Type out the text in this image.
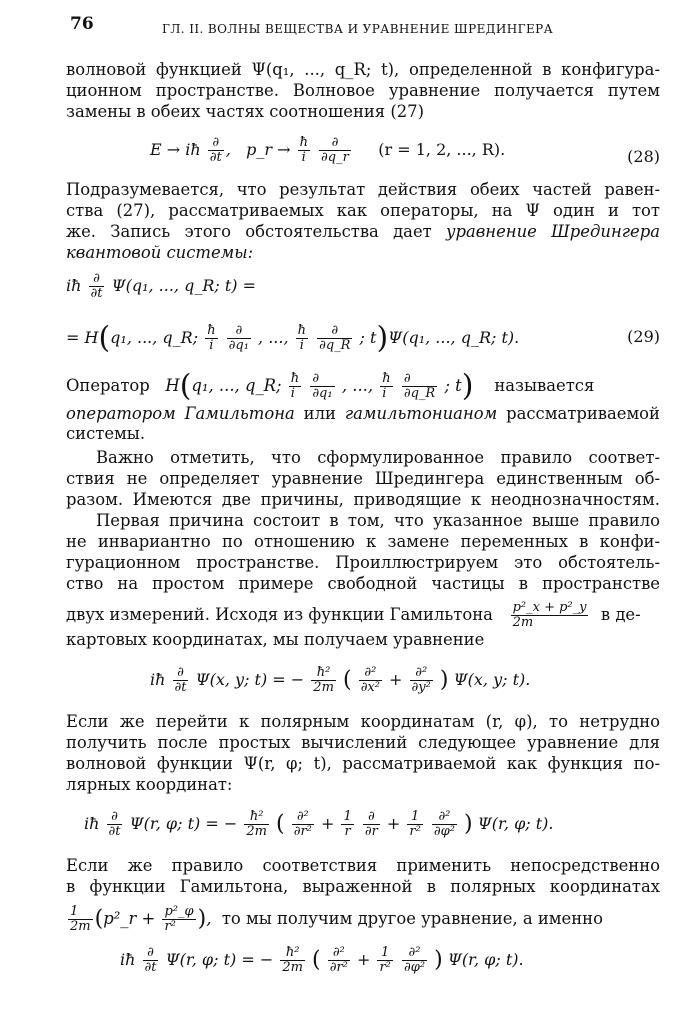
76	ГЛ. II. ВОЛНЫ ВЕЩЕСТВА И УРАВНЕНИЕ ШРЕДИНГЕРА
волновой функцией Ψ(q₁, ..., q_R; t), определенной в конфигура-
ционном пространстве. Волновое уравнение получается путем
замены в обеих частях соотношения (27)
E → iħ $\frac{\partial}{\partial t}$ , p_r → $\frac{ħ}{i}$
$\frac{\partial}{\partial q\_r} (r = 1$, 2, ..., R).	(28)
Подразумевается, что результат действия обеих частей равен-
ства (27), рассматриваемых как операторы, на Ψ один и тот
же. Запись этого обстоятельства дает уравнение Шредингера
квантовой системы:
iħ $\frac{\partial}{\partial t} \Psi(q_1$, ..., q_R; t) =
= H(q₁, ..., q_R; $\frac{ħ}{i}$
$\frac{\partial}{\text{∂q₁}}$ , ..., $\frac{ħ}{i}$
$\frac{\partial}{\partial q\_R}$ ; t)Ψ(q₁, ..., q_R; t).	(29)
Оператор H(q₁, ..., q_R; $\frac{ħ}{i}$
$\frac{\partial}{\text{∂q₁}}$ , ..., $\frac{ħ}{i}$
$\frac{\partial}{\partial q\_R}$ ; t) называется
оператором Гамильтона или гамильтонианом рассматриваемой
системы.
Важно отметить, что сформулированное правило соответ-
ствия не определяет уравнение Шредингера единственным об-
разом. Имеются две причины, приводящие к неоднозначностям.
Первая причина состоит в том, что указанное выше правило
не инвариантно по отношению к замене переменных в конфи-
гурационном пространстве. Проиллюстрируем это обстоятель-
ство на простом примере свободной частицы в пространстве
двух измерений. Исходя из функции Гамильтона $\frac{\text{p²\_x + p²\_y}}{2m}$ в де-
картовых координатах, мы получаем уравнение
iħ $\frac{\partial}{\partial t} \Psi(x$, y; t) = − $\frac{\text{ħ²}}{2m}$ ( $\frac{\text{∂²}}{\text{∂x²}} + \frac{\text{∂²}}{\text{∂y²}}$ ) Ψ(x, y; t).
Если же перейти к полярным координатам (r, φ), то нетрудно
получить после простых вычислений следующее уравнение для
волновой функции Ψ(r, φ; t), рассматриваемой как функция по-
лярных координат:
iħ $\frac{\partial}{\partial t} \Psi(r$, φ; t) = − $\frac{\text{ħ²}}{2m}$ ( $\frac{\text{∂²}}{\text{∂r²}} + \frac{1}{r}$
$\frac{\partial}{\partial r} + \frac{1}{\text{r²}}$
$\frac{\text{∂²}}{\text{∂φ²}}$ ) Ψ(r, φ; t).
Если же правило соответствия применить непосредственно
в функции Гамильтона, выраженной в полярных координатах
$\frac{1}{2m}$ (p²_r + $\frac{\text{p²\_φ}}{\text{r²}}$ ),  то мы получим другое уравнение, а именно
iħ $\frac{\partial}{\partial t} \Psi(r$, φ; t) = − $\frac{\text{ħ²}}{2m}$ ( $\frac{\text{∂²}}{\text{∂r²}} + \frac{1}{\text{r²}}$
$\frac{\text{∂²}}{\text{∂φ²}}$ ) Ψ(r, φ; t).
